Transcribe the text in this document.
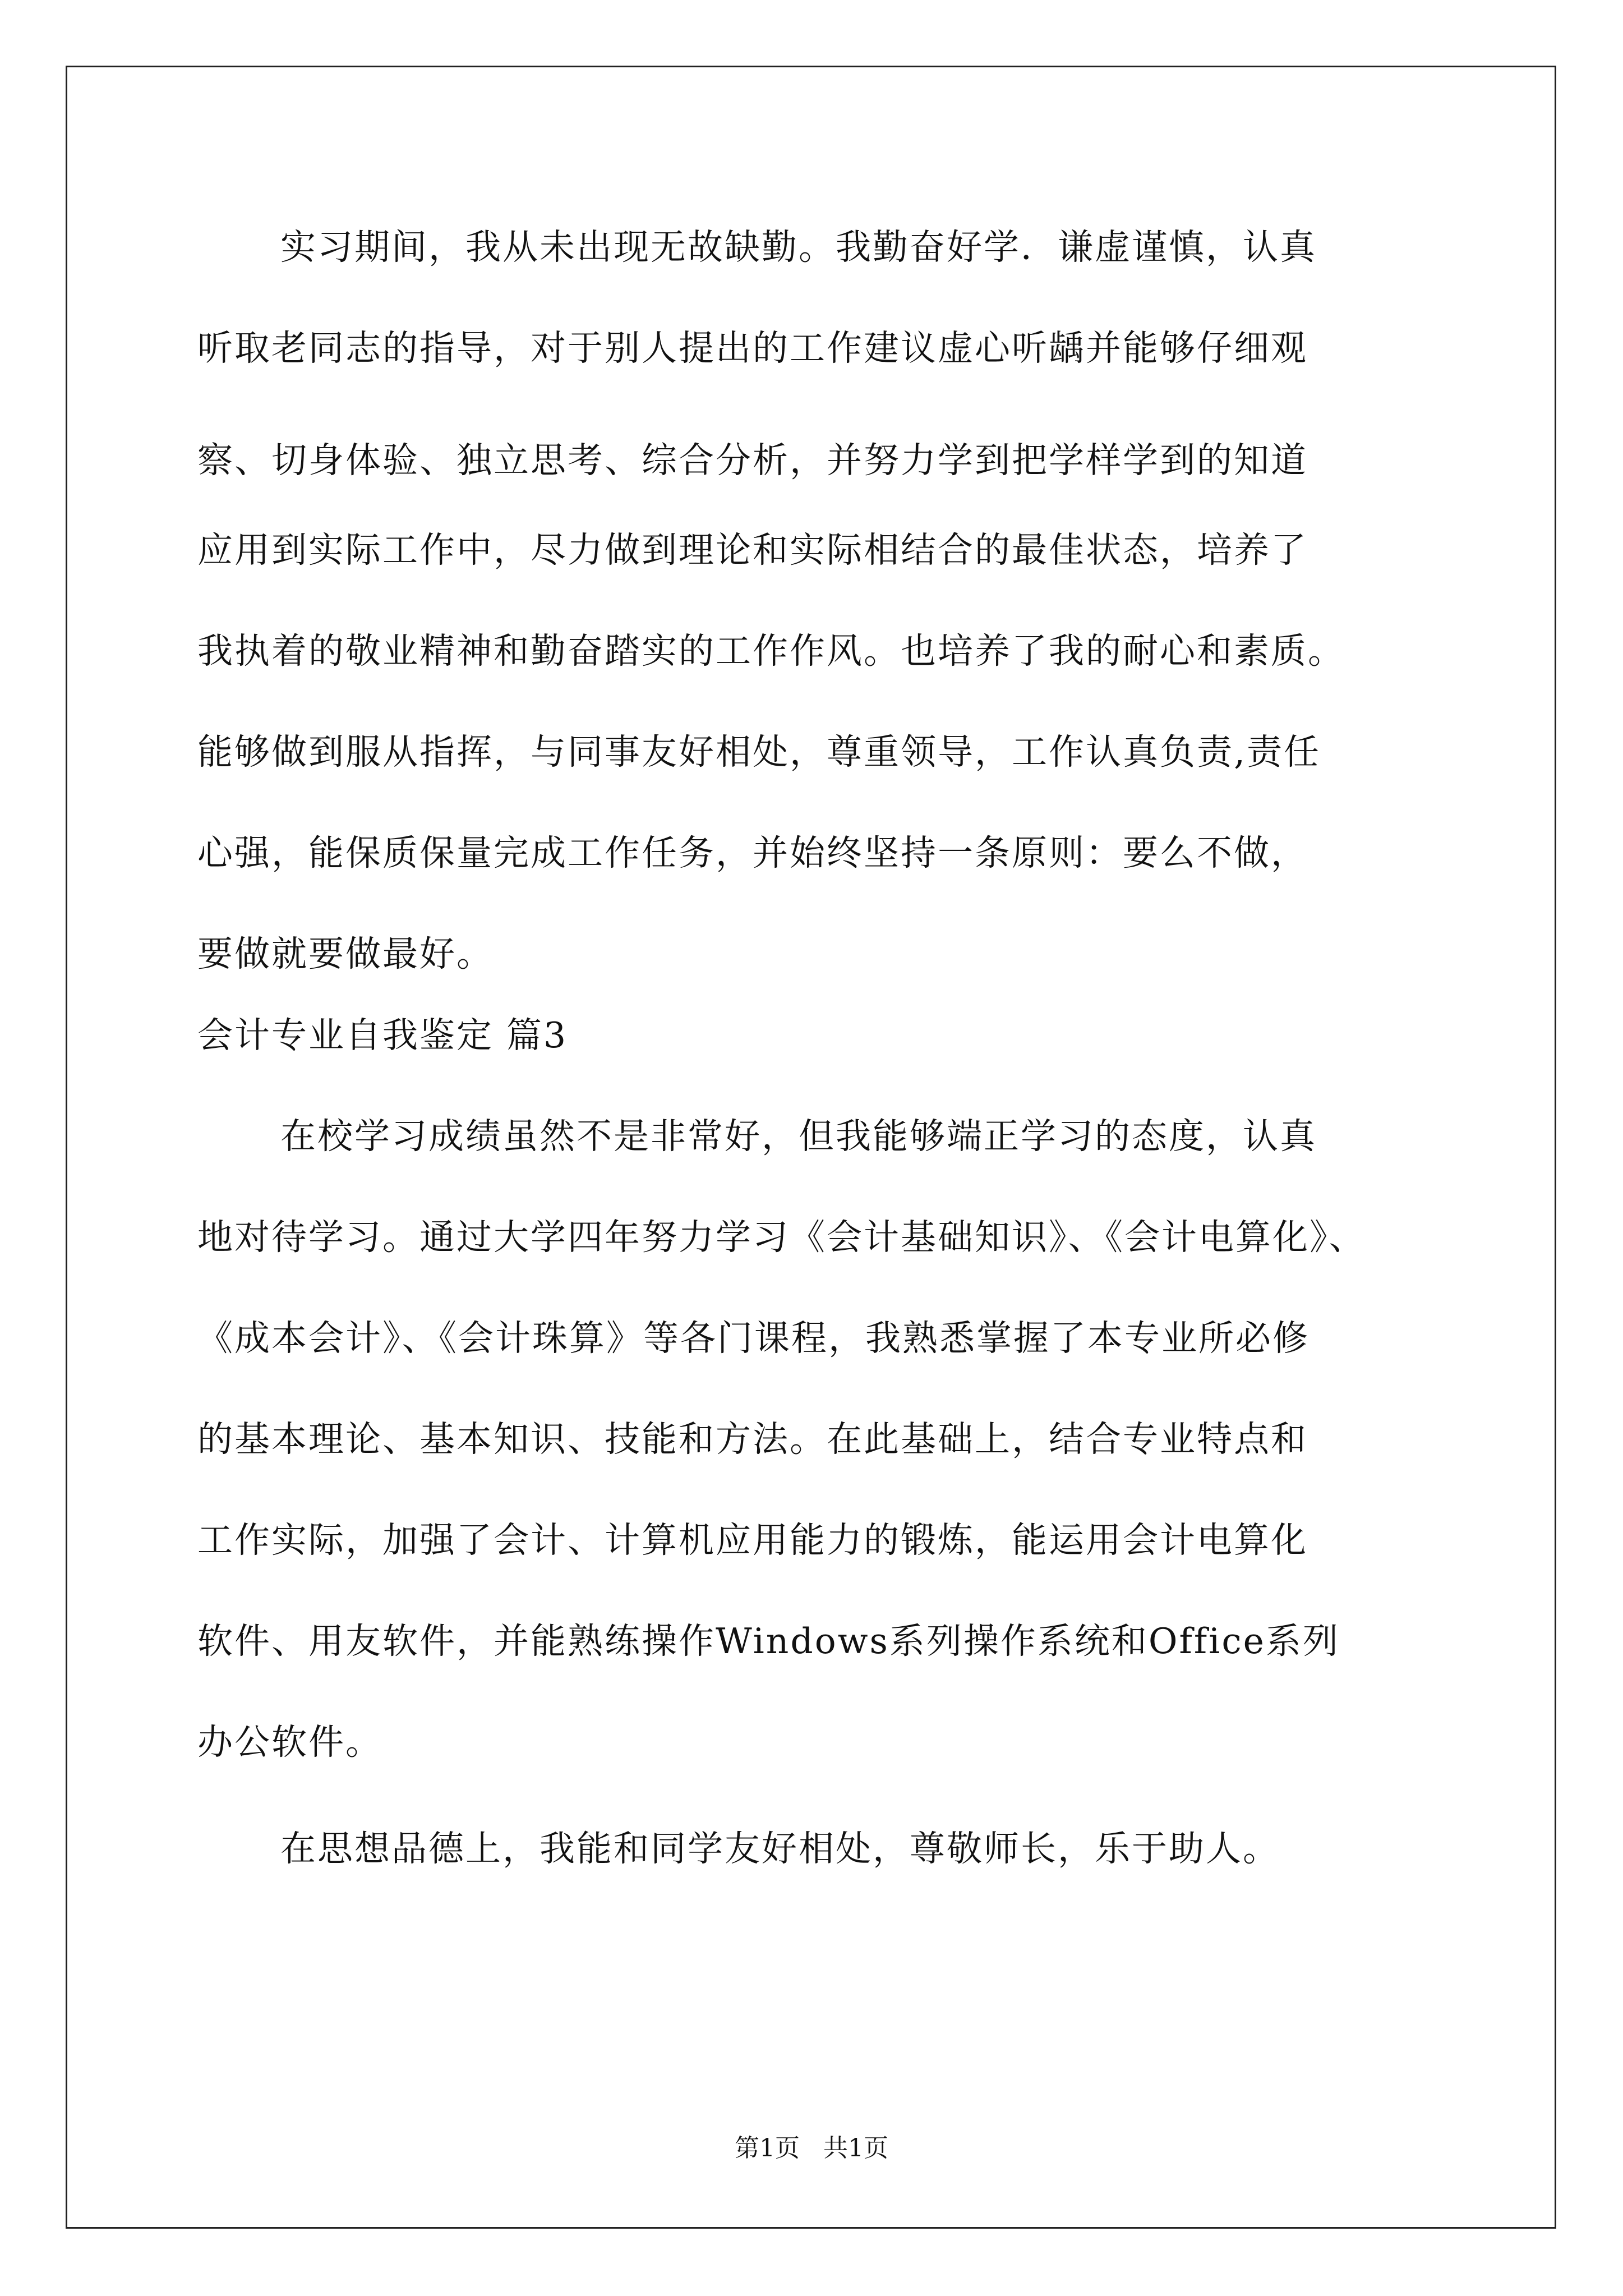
实习期间，我从未出现无故缺勤。我勤奋好学．谦虚谨慎，认真
听取老同志的指导，对于别人提出的工作建议虚心听龋并能够仔细观
察、切身体验、独立思考、综合分析，并努力学到把学样学到的知道
应用到实际工作中，尽力做到理论和实际相结合的最佳状态，培养了
我执着的敬业精神和勤奋踏实的工作作风。也培养了我的耐心和素质。
能够做到服从指挥，与同事友好相处，尊重领导，工作认真负责,责任
心强，能保质保量完成工作任务，并始终坚持一条原则：要么不做，
要做就要做最好。
会计专业自我鉴定 篇3
在校学习成绩虽然不是非常好，但我能够端正学习的态度，认真
地对待学习。通过大学四年努力学习《会计基础知识》、《会计电算化》、
《成本会计》、《会计珠算》等各门课程，我熟悉掌握了本专业所必修
的基本理论、基本知识、技能和方法。在此基础上，结合专业特点和
工作实际，加强了会计、计算机应用能力的锻炼，能运用会计电算化
软件、用友软件，并能熟练操作Windows系列操作系统和Office系列
办公软件。
在思想品德上，我能和同学友好相处，尊敬师长，乐于助人。
第1页   共1页
